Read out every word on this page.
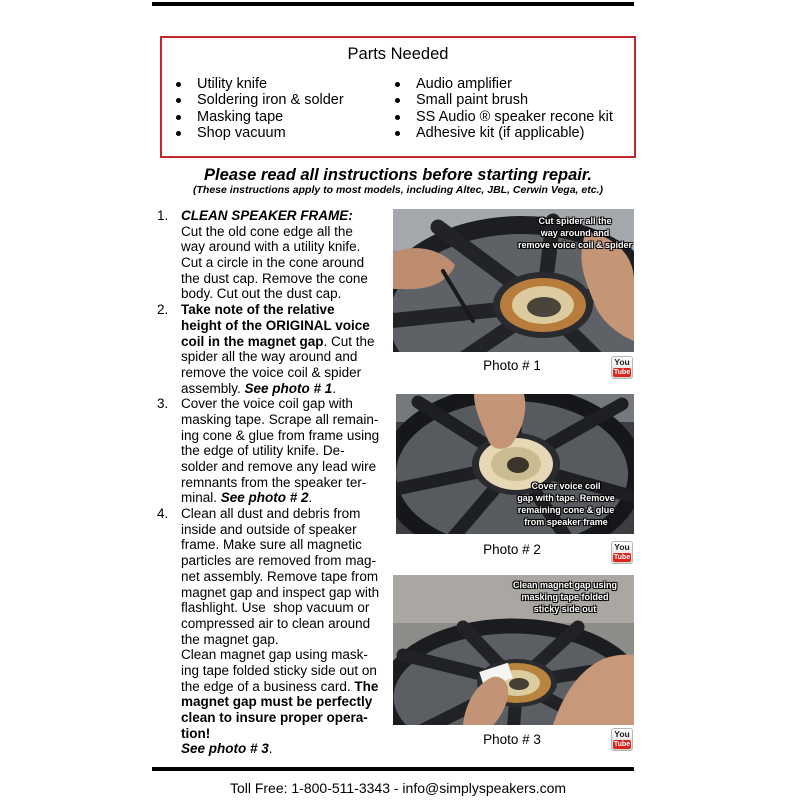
Parts Needed
Utility knife
Soldering iron & solder
Masking tape
Shop vacuum
Audio amplifier
Small paint brush
SS Audio ® speaker recone kit
Adhesive kit (if applicable)
Please read all instructions before starting repair.
(These instructions apply to most models, including Altec, JBL, Cerwin Vega, etc.)
1. CLEAN SPEAKER FRAME:
Cut the old cone edge all the
way around with a utility knife.
Cut a circle in the cone around
the dust cap. Remove the cone
body. Cut out the dust cap.
2. Take note of the relative
height of the ORIGINAL voice
coil in the magnet gap. Cut the
spider all the way around and
remove the voice coil & spider
assembly. See photo # 1.
3. Cover the voice coil gap with
masking tape. Scrape all remain-
ing cone & glue from frame using
the edge of utility knife. De-
solder and remove any lead wire
remnants from the speaker ter-
minal. See photo # 2.
4. Clean all dust and debris from
inside and outside of speaker
frame. Make sure all magnetic
particles are removed from mag-
net assembly. Remove tape from
magnet gap and inspect gap with
flashlight. Use  shop vacuum or
compressed air to clean around
the magnet gap.
Clean magnet gap using mask-
ing tape folded sticky side out on
the edge of a business card. The
magnet gap must be perfectly
clean to insure proper opera-
tion!
See photo # 3.
Cut spider all the
way around and
remove voice coil & spider
Photo # 1	You
Tube
Cover voice coil
gap with tape. Remove
remaining cone & glue
from speaker frame
Photo # 2	You
Tube
Clean magnet gap using
masking tape folded
sticky side out
Photo # 3	You
Tube
Toll Free: 1-800-511-3343 - info@simplyspeakers.com
